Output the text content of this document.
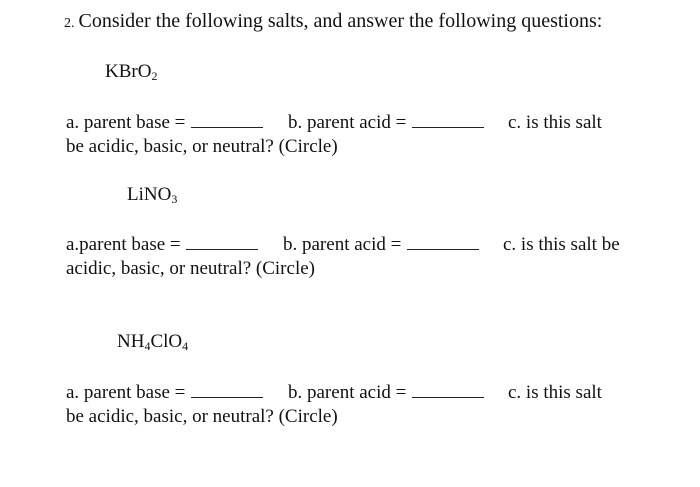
2. Consider the following salts, and answer the following questions:
KBrO$_2$
a. parent base =	b. parent acid =	c. is this salt
be acidic, basic, or neutral? (Circle)
LiNO$_3$
a.parent base =	b. parent acid =	c. is this salt be
acidic, basic, or neutral? (Circle)
$NH_4ClO_4$
a. parent base =	b. parent acid =	c. is this salt
be acidic, basic, or neutral? (Circle)
